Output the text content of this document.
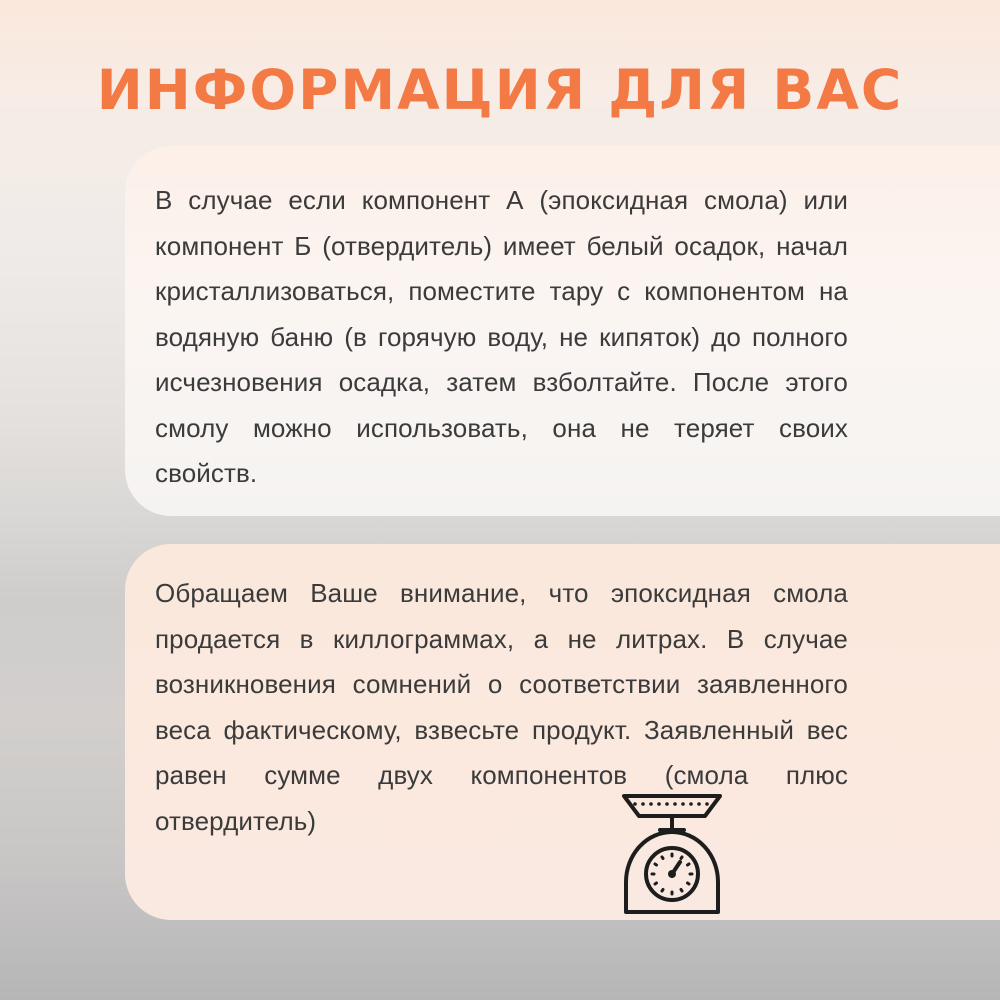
ИНФОРМАЦИЯ ДЛЯ ВАС

В случае если компонент А (эпоксидная смола) или компонент Б (отвердитель) имеет белый осадок, начал кристаллизоваться, поместите тару с компонентом на водяную баню (в горячую воду, не кипяток) до полного исчезновения осадка, затем взболтайте. После этого смолу можно использовать, она не теряет своих свойств.

Обращаем Ваше внимание, что эпоксидная смола продается в киллограммах, а не литрах. В случае возникновения сомнений о соответствии заявленного веса фактическому, взвесьте продукт. Заявленный вес равен сумме двух компонентов (смола плюс отвердитель)
